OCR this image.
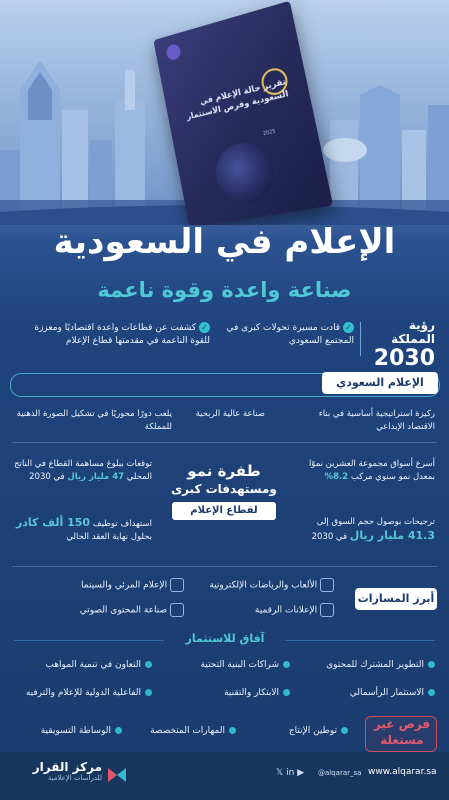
تقرير حالة الإعلام في السعودية وفرص الاستثمار
2025
الإعلام في السعودية
صناعة واعدة وقوة ناعمة
رؤية المملكة
2030
✓ قادت مسيرة تحولات كبرى في المجتمع السعودي
✓ كشفت عن قطاعات واعدة اقتصاديًا ومعززة للقوة الناعمة في مقدمتها قطاع الإعلام
الإعلام السعودي
ركيزة استراتيجية أساسية في بناء الاقتصاد الإبداعي
صناعة عالية الربحية
يلعب دورًا محوريًا في تشكيل الصورة الذهنية للمملكة
أسرع أسواق مجموعة العشرين نموًا بمعدل نمو سنوي مركب 8.2%
ترجيحات بوصول حجم السوق إلى 41.3 مليار ريال في 2030
طفرة نمو
ومستهدفات كبرى
لقطاع الإعلام
توقعات ببلوغ مساهمة القطاع في الناتج المحلي 47 مليار ريال في 2030
استهداف توظيف 150 ألف كادر بحلول نهاية العقد الحالي
أبرز المسارات
الألعاب والرياضات الإلكترونية
الإعلام المرئي والسينما
الإعلانات الرقمية
صناعة المحتوى الصوتي
آفاق للاستثمار
التطوير المشترك للمحتوى
شراكات البنية التحتية
التعاون في تنمية المواهب
الاستثمار الرأسمالي
الابتكار والتقنية
الفاعلية الدولية للإعلام والترفيه
فرص غير مستغلة
توطين الإنتاج
المهارات المتخصصة
الوساطة التسويقية
مركز القرار
للدراسات الإعلامية	𝕏 in ▶ @alqarar_sa www.alqarar.sa
